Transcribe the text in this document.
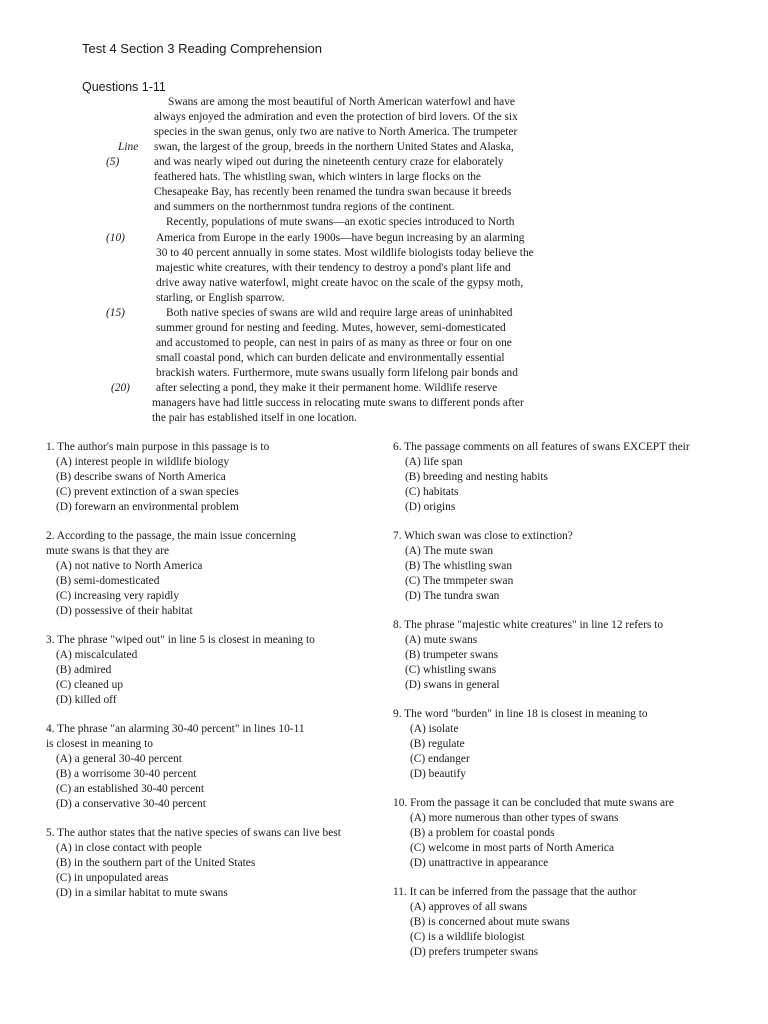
Test 4 Section 3 Reading Comprehension
Questions 1-11
Swans are among the most beautiful of North American waterfowl and have
always enjoyed the admiration and even the protection of bird lovers. Of the six
species in the swan genus, only two are native to North America. The trumpeter
swan, the largest of the group, breeds in the northern United States and Alaska,
and was nearly wiped out during the nineteenth century craze for elaborately
feathered hats. The whistling swan, which winters in large flocks on the
Chesapeake Bay, has recently been renamed the tundra swan because it breeds
and summers on the northernmost tundra regions of the continent.
Recently, populations of mute swans—an exotic species introduced to North
America from Europe in the early 1900s—have begun increasing by an alarming
30 to 40 percent annually in some states. Most wildlife biologists today believe the
majestic white creatures, with their tendency to destroy a pond's plant life and
drive away native waterfowl, might create havoc on the scale of the gypsy moth,
starling, or English sparrow.
Both native species of swans are wild and require large areas of uninhabited
summer ground for nesting and feeding. Mutes, however, semi-domesticated
and accustomed to people, can nest in pairs of as many as three or four on one
small coastal pond, which can burden delicate and environmentally essential
brackish waters. Furthermore, mute swans usually form lifelong pair bonds and
after selecting a pond, they make it their permanent home. Wildlife reserve
managers have had little success in relocating mute swans to different ponds after
the pair has established itself in one location.
Line
(5)
(10)
(15)
(20)
1. The author's main purpose in this passage is to
(A) interest people in wildlife biology
(B) describe swans of North America
(C) prevent extinction of a swan species
(D) forewarn an environmental problem
2. According to the passage, the main issue concerning
mute swans is that they are
(A) not native to North America
(B) semi-domesticated
(C) increasing very rapidly
(D) possessive of their habitat
3. The phrase "wiped out" in line 5 is closest in meaning to
(A) miscalculated
(B) admired
(C) cleaned up
(D) killed off
4. The phrase "an alarming 30-40 percent" in lines 10-11
is closest in meaning to
(A) a general 30-40 percent
(B) a worrisome 30-40 percent
(C) an established 30-40 percent
(D) a conservative 30-40 percent
5. The author states that the native species of swans can live best
(A) in close contact with people
(B) in the southern part of the United States
(C) in unpopulated areas
(D) in a similar habitat to mute swans
6. The passage comments on all features of swans EXCEPT their
(A) life span
(B) breeding and nesting habits
(C) habitats
(D) origins
7. Which swan was close to extinction?
(A) The mute swan
(B) The whistling swan
(C) The tmmpeter swan
(D) The tundra swan
8. The phrase "majestic white creatures" in line 12 refers to
(A) mute swans
(B) trumpeter swans
(C) whistling swans
(D) swans in general
9. The word "burden" in line 18 is closest in meaning to
(A) isolate
(B) regulate
(C) endanger
(D) beautify
10. From the passage it can be concluded that mute swans are
(A) more numerous than other types of swans
(B) a problem for coastal ponds
(C) welcome in most parts of North America
(D) unattractive in appearance
11. It can be inferred from the passage that the author
(A) approves of all swans
(B) is concerned about mute swans
(C) is a wildlife biologist
(D) prefers trumpeter swans
